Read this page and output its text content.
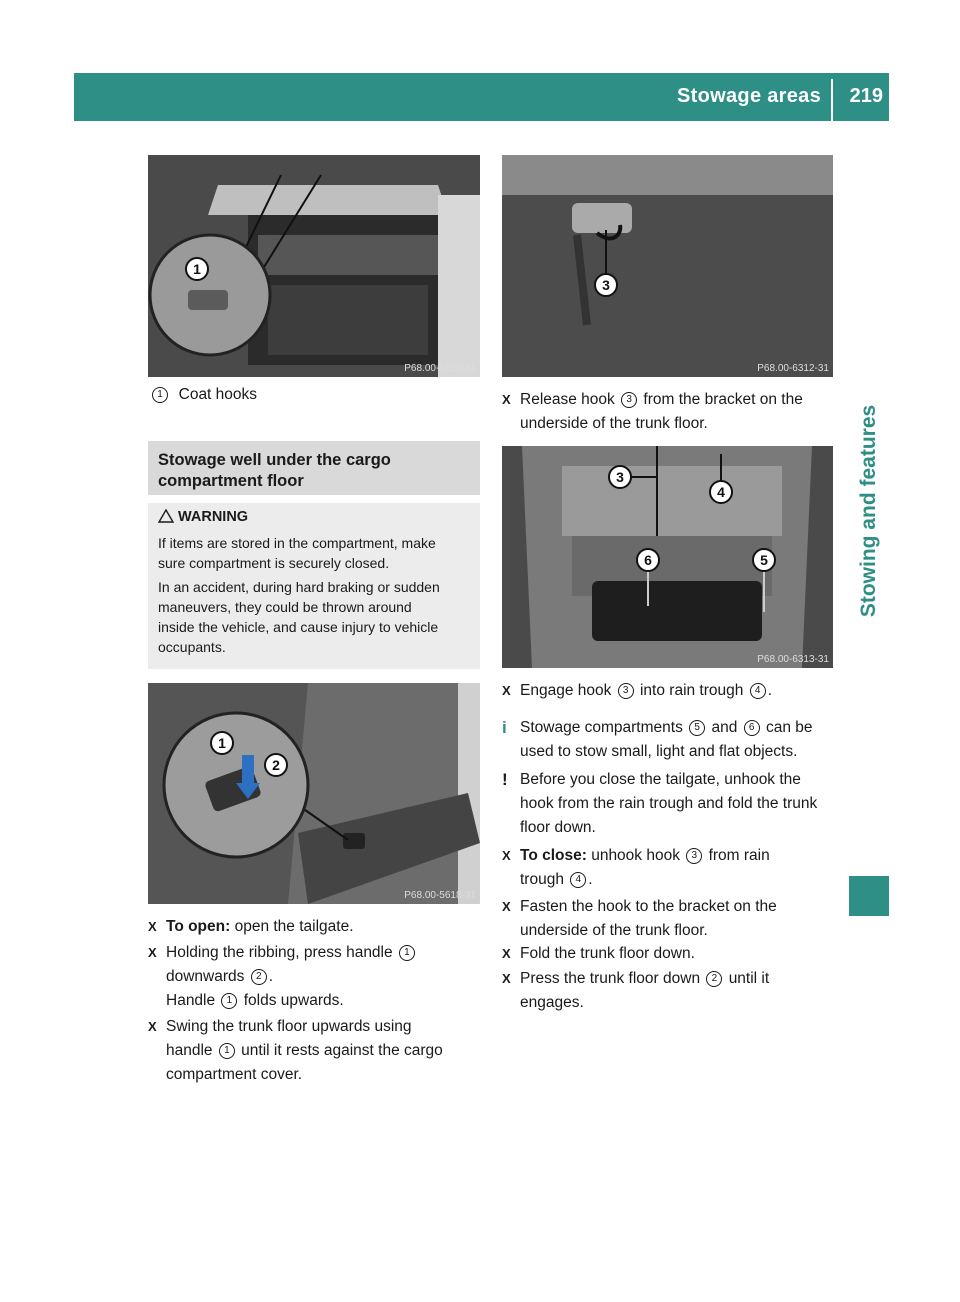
Stowage areas 219
Stowing and features
1
P68.00-5620-31
1 Coat hooks
Stowage well under the cargo
compartment floor
WARNING
If items are stored in the compartment, make
sure compartment is securely closed.
In an accident, during hard braking or sudden
maneuvers, they could be thrown around
inside the vehicle, and cause injury to vehicle
occupants.
1
2
P68.00-5618-31
X To open: open the tailgate.
X Holding the ribbing, press handle 1
downwards 2 .
Handle 1 folds upwards.
X Swing the trunk floor upwards using
handle 1 until it rests against the cargo
compartment cover.
3
P68.00-6312-31
X Release hook 3 from the bracket on the
underside of the trunk floor.
3
4
6	5
P68.00-6313-31
X Engage hook 3 into rain trough 4 .
i Stowage compartments 5 and 6 can be
used to stow small, light and flat objects.
! Before you close the tailgate, unhook the
hook from the rain trough and fold the trunk
floor down.
X To close: unhook hook 3 from rain
trough 4 .
X Fasten the hook to the bracket on the
underside of the trunk floor.
X Fold the trunk floor down.
X Press the trunk floor down 2 until it
engages.
